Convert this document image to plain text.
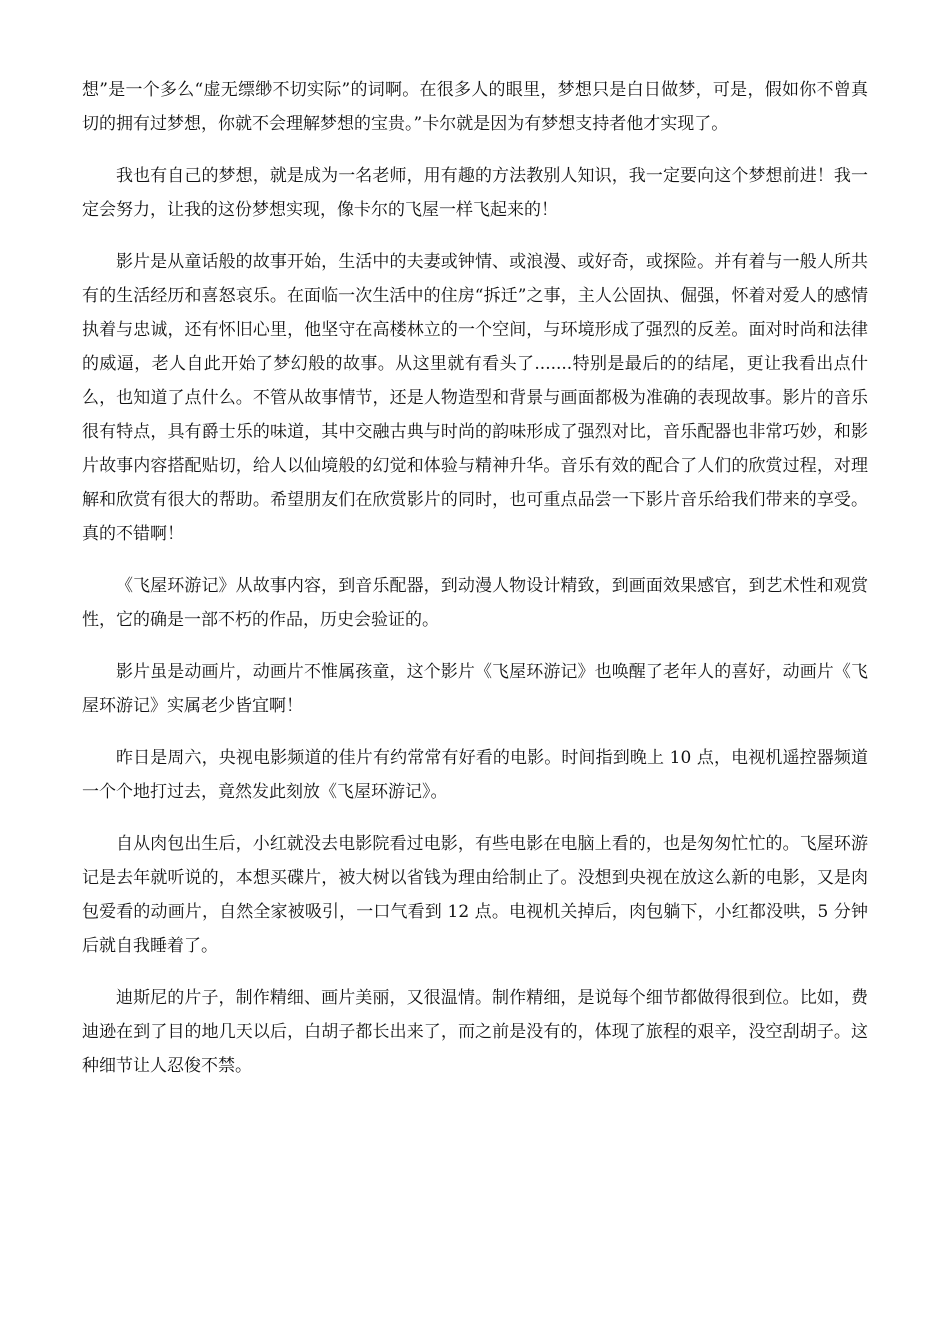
想”是一个多么“虚无缥缈不切实际”的词啊。在很多人的眼里，梦想只是白日做梦，可是，假如你不曾真切的拥有过梦想，你就不会理解梦想的宝贵。”卡尔就是因为有梦想支持者他才实现了。

我也有自己的梦想，就是成为一名老师，用有趣的方法教别人知识，我一定要向这个梦想前进！我一定会努力，让我的这份梦想实现，像卡尔的飞屋一样飞起来的！

影片是从童话般的故事开始，生活中的夫妻或钟情、或浪漫、或好奇，或探险。并有着与一般人所共有的生活经历和喜怒哀乐。在面临一次生活中的住房“拆迁”之事，主人公固执、倔强，怀着对爱人的感情执着与忠诚，还有怀旧心里，他坚守在高楼林立的一个空间，与环境形成了强烈的反差。面对时尚和法律的威逼，老人自此开始了梦幻般的故事。从这里就有看头了.......特别是最后的的结尾，更让我看出点什么，也知道了点什么。不管从故事情节，还是人物造型和背景与画面都极为准确的表现故事。影片的音乐很有特点，具有爵士乐的味道，其中交融古典与时尚的韵味形成了强烈对比，音乐配器也非常巧妙，和影片故事内容搭配贴切，给人以仙境般的幻觉和体验与精神升华。音乐有效的配合了人们的欣赏过程，对理解和欣赏有很大的帮助。希望朋友们在欣赏影片的同时，也可重点品尝一下影片音乐给我们带来的享受。真的不错啊！

《飞屋环游记》从故事内容，到音乐配器，到动漫人物设计精致，到画面效果感官，到艺术性和观赏性，它的确是一部不朽的作品，历史会验证的。

影片虽是动画片，动画片不惟属孩童，这个影片《飞屋环游记》也唤醒了老年人的喜好，动画片《飞屋环游记》实属老少皆宜啊！

昨日是周六，央视电影频道的佳片有约常常有好看的电影。时间指到晚上 10 点，电视机遥控器频道一个个地打过去，竟然发此刻放《飞屋环游记》。

自从肉包出生后，小红就没去电影院看过电影，有些电影在电脑上看的，也是匆匆忙忙的。飞屋环游记是去年就听说的，本想买碟片，被大树以省钱为理由给制止了。没想到央视在放这么新的电影，又是肉包爱看的动画片，自然全家被吸引，一口气看到 12 点。电视机关掉后，肉包躺下，小红都没哄，5 分钟后就自我睡着了。

迪斯尼的片子，制作精细、画片美丽，又很温情。制作精细，是说每个细节都做得很到位。比如，费迪逊在到了目的地几天以后，白胡子都长出来了，而之前是没有的，体现了旅程的艰辛，没空刮胡子。这种细节让人忍俊不禁。
